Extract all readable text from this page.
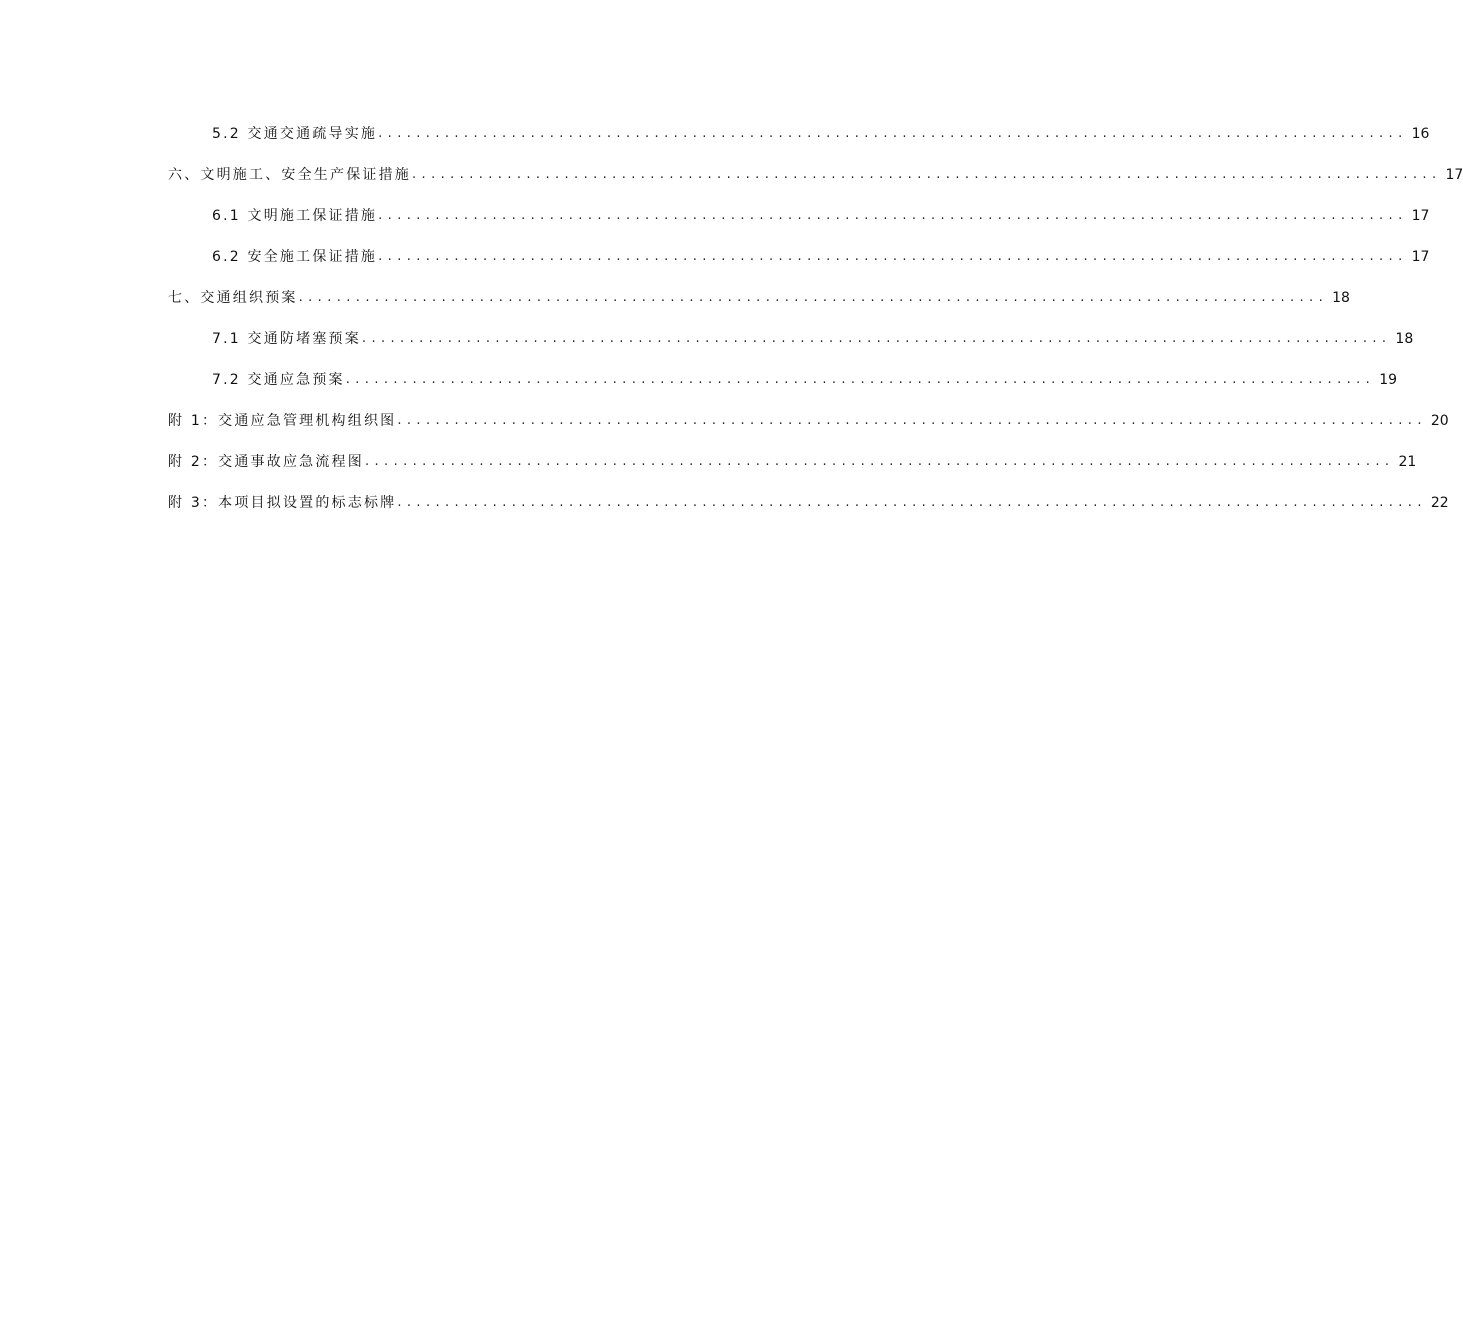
5.2 交通交通疏导实施 ............................................................................................................ 16
六、文明施工、安全生产保证措施 ............................................................................................................ 17
6.1 文明施工保证措施 ............................................................................................................ 17
6.2 安全施工保证措施 ............................................................................................................ 17
七、交通组织预案 ............................................................................................................ 18
7.1 交通防堵塞预案 ............................................................................................................ 18
7.2 交通应急预案 ............................................................................................................ 19
附 1：交通应急管理机构组织图 ............................................................................................................ 20
附 2：交通事故应急流程图 ............................................................................................................ 21
附 3：本项目拟设置的标志标牌 ............................................................................................................ 22
